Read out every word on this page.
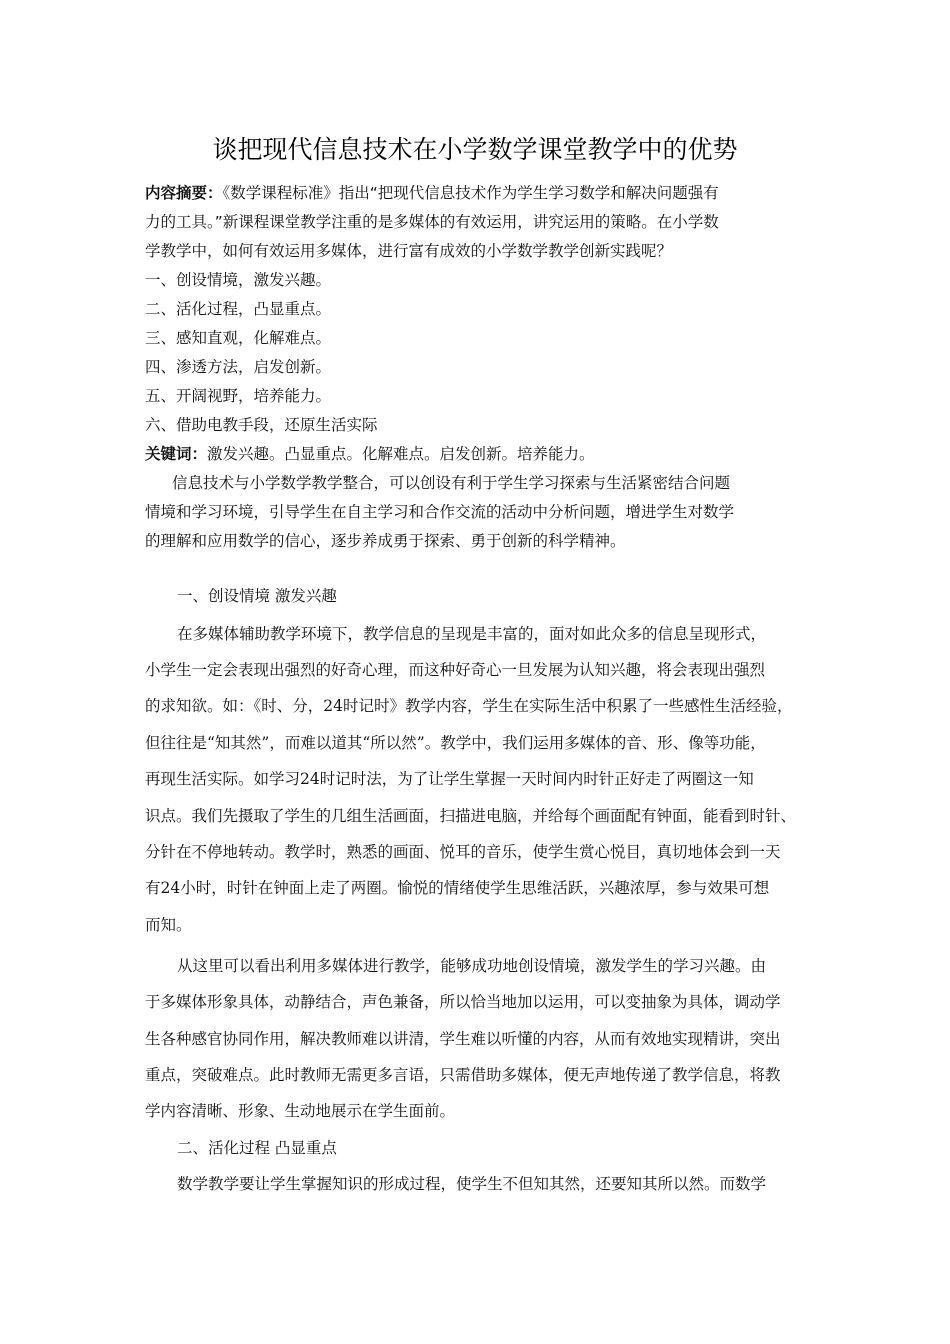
谈把现代信息技术在小学数学课堂教学中的优势
内容摘要：《数学课程标准》指出“把现代信息技术作为学生学习数学和解决问题强有
力的工具。”新课程课堂教学注重的是多媒体的有效运用，讲究运用的策略。在小学数
学教学中，如何有效运用多媒体，进行富有成效的小学数学教学创新实践呢？
一、创设情境，激发兴趣。
二、活化过程，凸显重点。
三、感知直观，化解难点。
四、渗透方法，启发创新。
五、开阔视野，培养能力。
六、借助电教手段，还原生活实际
关键词：激发兴趣。凸显重点。化解难点。启发创新。培养能力。
信息技术与小学数学教学整合，可以创设有利于学生学习探索与生活紧密结合问题
情境和学习环境，引导学生在自主学习和合作交流的活动中分析问题，增进学生对数学
的理解和应用数学的信心，逐步养成勇于探索、勇于创新的科学精神。
一、创设情境 激发兴趣
在多媒体辅助教学环境下，教学信息的呈现是丰富的，面对如此众多的信息呈现形式，
小学生一定会表现出强烈的好奇心理，而这种好奇心一旦发展为认知兴趣，将会表现出强烈
的求知欲。如：《时、分，24时记时》教学内容，学生在实际生活中积累了一些感性生活经验，
但往往是“知其然”，而难以道其“所以然”。教学中，我们运用多媒体的音、形、像等功能，
再现生活实际。如学习24时记时法，为了让学生掌握一天时间内时针正好走了两圈这一知
识点。我们先摄取了学生的几组生活画面，扫描进电脑，并给每个画面配有钟面，能看到时针、
分针在不停地转动。教学时，熟悉的画面、悦耳的音乐，使学生赏心悦目，真切地体会到一天
有24小时，时针在钟面上走了两圈。愉悦的情绪使学生思维活跃，兴趣浓厚，参与效果可想
而知。
从这里可以看出利用多媒体进行教学，能够成功地创设情境，激发学生的学习兴趣。由
于多媒体形象具体，动静结合，声色兼备，所以恰当地加以运用，可以变抽象为具体，调动学
生各种感官协同作用，解决教师难以讲清，学生难以听懂的内容，从而有效地实现精讲，突出
重点，突破难点。此时教师无需更多言语，只需借助多媒体，便无声地传递了教学信息，将教
学内容清晰、形象、生动地展示在学生面前。
二、活化过程 凸显重点
数学教学要让学生掌握知识的形成过程，使学生不但知其然，还要知其所以然。而数学
